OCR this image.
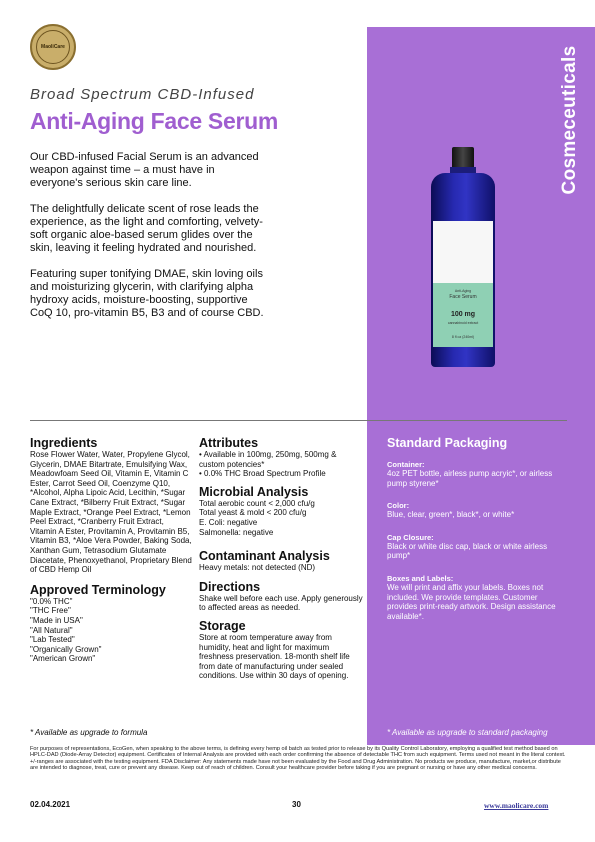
Cosmeceuticals
MaoliCare
Broad Spectrum CBD-Infused
Anti-Aging Face Serum

Our CBD-infused Facial Serum is an advanced weapon against time – a must have in everyone's serious skin care line.

The delightfully delicate scent of rose leads the experience, as the light and comforting, velvety-soft organic aloe-based serum glides over the skin, leaving it feeling hydrated and nourished.

Featuring super tonifying DMAE, skin loving oils and moisturizing glycerin, with clarifying alpha hydroxy acids, moisture-boosting, supportive CoQ 10, pro-vitamin B5, B3 and of course CBD.

Anti-Aging
Face Serum
100 mg
cannabinoid extract
8 fl oz (240ml)
Ingredients
Rose Flower Water, Water, Propylene Glycol, Glycerin, DMAE Bitartrate, Emulsifying Wax, Meadowfoam Seed Oil, Vitamin E, Vitamin C Ester, Carrot Seed Oil, Coenzyme Q10, *Alcohol, Alpha Lipoic Acid, Lecithin, *Sugar Cane Extract, *Bilberry Fruit Extract, *Sugar Maple Extract, *Orange Peel Extract, *Lemon Peel Extract, *Cranberry Fruit Extract, Vitamin A Ester, Provitamin A, Provitamin B5, Vitamin B3, *Aloe Vera Powder, Baking Soda, Xanthan Gum, Tetrasodium Glutamate Diacetate, Phenoxyethanol, Proprietary Blend of CBD Hemp Oil
Approved Terminology
"0.0% THC"
"THC Free"
"Made in USA"
"All Natural"
"Lab Tested"
"Organically Grown"
"American Grown"
Attributes
• Available in 100mg, 250mg, 500mg & custom potencies*
• 0.0% THC Broad Spectrum Profile
Microbial Analysis
Total aerobic count < 2,000 cfu/g
Total yeast & mold < 200 cfu/g
E. Coli: negative
Salmonella: negative
Contaminant Analysis
Heavy metals: not detected (ND)
Directions
Shake well before each use. Apply generously to affected areas as needed.
Storage
Store at room temperature away from humidity, heat and light for maximum freshness preservation. 18-month shelf life from date of manufacturing under sealed conditions. Use within 30 days of opening.
Standard Packaging
Container:
4oz PET bottle, airless pump acryic*, or airless pump styrene*
Color:
Blue, clear, green*, black*, or white*
Cap Closure:
Black or white disc cap, black or white airless pump*
Boxes and Labels:
We will print and affix your labels. Boxes not included. We provide templates. Customer provides print-ready artwork. Design assistance available*.
* Available as upgrade to formula	* Available as upgrade to standard packaging
For purposes of representations, EcoGen, when speaking to the above terms, is defining every hemp oil batch as tested prior to release by its Quality Control Laboratory, employing a qualified test method based on HPLC-DAD (Diode-Array Detector) equipment. Certificates of Internal Analysis are provided with each order confirming the absence of detectable THC from such equipment. Terms used not meant in the literal context. +/-ranges are associated with the testing equipment. FDA Disclaimer: Any statements made have not been evaluated by the Food and Drug Administration. No products we produce, manufacture, market,or distribute are intended to diagnose, treat, cure or prevent any disease. Keep out of reach of children. Consult your healthcare provider before taking if you are pregnant or nursing or have any other medical concerns.
02.04.2021	30	www.maolicare.com
